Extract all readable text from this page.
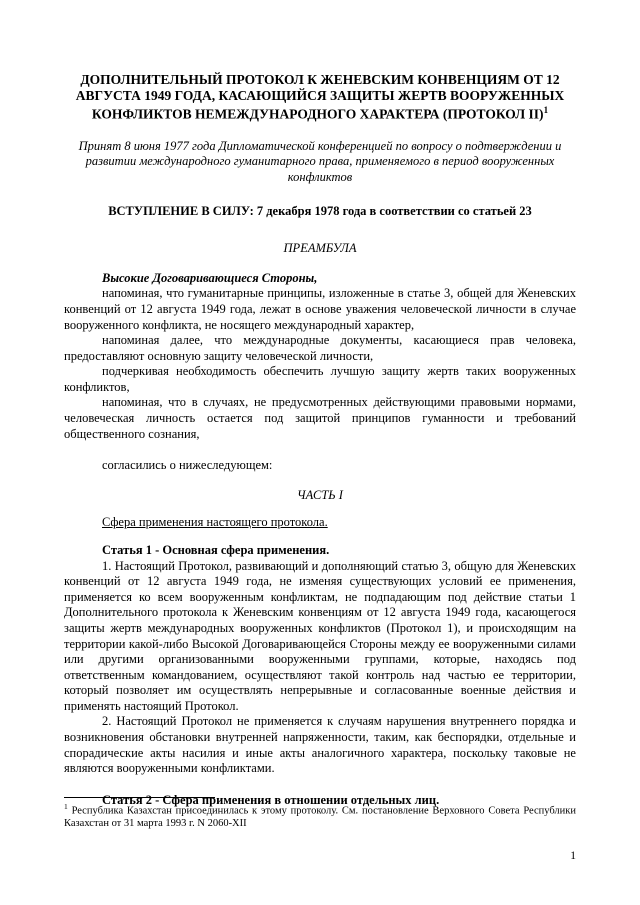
ДОПОЛНИТЕЛЬНЫЙ ПРОТОКОЛ К ЖЕНЕВСКИМ КОНВЕНЦИЯМ ОТ 12 АВГУСТА 1949 ГОДА, КАСАЮЩИЙСЯ ЗАЩИТЫ ЖЕРТВ ВООРУЖЕННЫХ КОНФЛИКТОВ НЕМЕЖДУНАРОДНОГО ХАРАКТЕРА (ПРОТОКОЛ II)$^1$

Принят 8 июня 1977 года Дипломатической конференцией по вопросу о подтверждении и развитии международного гуманитарного права, применяемого в период вооруженных конфликтов

ВСТУПЛЕНИЕ В СИЛУ: 7 декабря 1978 года в соответствии со статьей 23

ПРЕАМБУЛА

Высокие Договаривающиеся Стороны,

напоминая, что гуманитарные принципы, изложенные в статье 3, общей для Женевских конвенций от 12 августа 1949 года, лежат в основе уважения человеческой личности в случае вооруженного конфликта, не носящего международный характер,

напоминая далее, что международные документы, касающиеся прав человека, предоставляют основную защиту человеческой личности,

подчеркивая необходимость обеспечить лучшую защиту жертв таких вооруженных конфликтов,

напоминая, что в случаях, не предусмотренных действующими правовыми нормами, человеческая личность остается под защитой принципов гуманности и требований общественного сознания,

согласились о нижеследующем:

ЧАСТЬ I

Сфера применения настоящего протокола.

Статья 1 - Основная сфера применения.

1. Настоящий Протокол, развивающий и дополняющий статью 3, общую для Женевских конвенций от 12 августа 1949 года, не изменяя существующих условий ее применения, применяется ко всем вооруженным конфликтам, не подпадающим под действие статьи 1 Дополнительного протокола к Женевским конвенциям от 12 августа 1949 года, касающегося защиты жертв международных вооруженных конфликтов (Протокол 1), и происходящим на территории какой-либо Высокой Договаривающейся Стороны между ее вооруженными силами или другими организованными вооруженными группами, которые, находясь под ответственным командованием, осуществляют такой контроль над частью ее территории, который позволяет им осуществлять непрерывные и согласованные военные действия и применять настоящий Протокол.

2. Настоящий Протокол не применяется к случаям нарушения внутреннего порядка и возникновения обстановки внутренней напряженности, таким, как беспорядки, отдельные и спорадические акты насилия и иные акты аналогичного характера, поскольку таковые не являются вооруженными конфликтами.

Статья 2 - Сфера применения в отношении отдельных лиц.

$^1$ Республика Казахстан присоединилась к этому протоколу. См. постановление Верховного Совета Республики Казахстан от 31 марта 1993 г. N 2060-XII

1
